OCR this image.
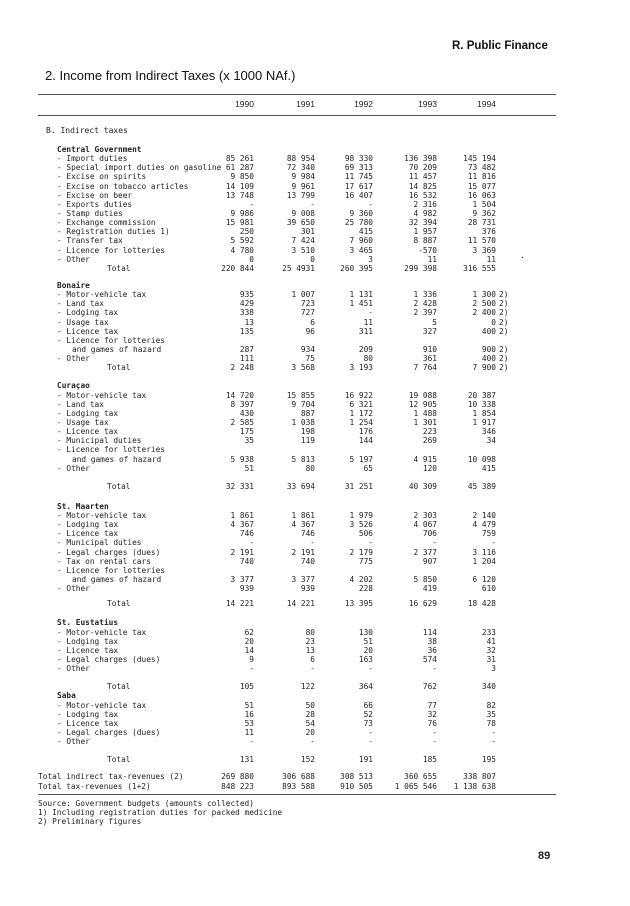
R. Public Finance
2. Income from Indirect Taxes (x 1000 NAf.)
1990	1991	1992	1993	1994
B. Indirect taxes
Central Government
- Import duties	85 261	88 954	98 330	136 398	145 194
- Special import duties on gasoline 61 287	72 340	69 313	70 209	73 482
- Excise on spirits	9 850	9 984	11 745	11 457	11 816
- Excise on tobacco articles	14 109	9 961	17 617	14 825	15 077
- Excise on beer	13 748	13 799	16 407	16 532	16 063
- Exports duties	-	-	-	2 316	1 504
- Stamp duties	9 986	9 008	9 360	4 982	9 362
- Exchange commission	15 981	39 650	25 780	32 394	28 731
- Registration duties 1)	250	301	415	1 957	376
- Transfer tax	5 592	7 424	7 960	8 887	11 570
- Licence for lotteries	4 780	3 510	3 465	-570	3 369
- Other	0	0	3	11	11
Total	220 844	25 4931	260 395	299 398	316 555
Bonaire
- Motor-vehicle tax	935	1 007	1 131	1 336	1 300 2)
- Land tax	429	723	1 451	2 428	2 500 2)
- Lodging tax	338	727	-	2 397	2 400 2)
- Usage tax	13	6	11	5	0 2)
- Licence tax	135	96	311	327	400 2)
- Licence for lotteries
and games of hazard	287	934	209	910	900 2)
- Other	111	75	80	361	400 2)
Total	2 248	3 568	3 193	7 764	7 900 2)
Curaçao
- Motor-vehicle tax	14 720	15 855	16 922	19 088	20 387
- Land tax	8 397	9 704	6 321	12 905	10 338
- Lodging tax	430	887	1 172	1 488	1 854
- Usage tax	2 585	1 038	1 254	1 301	1 917
- Licence tax	175	198	176	223	346
- Municipal duties	35	119	144	269	34
- Licence for lotteries
and games of hazard	5 938	5 813	5 197	4 915	10 098
- Other	51	80	65	120	415
Total	32 331	33 694	31 251	40 309	45 389
St. Maarten
- Motor-vehicle tax	1 861	1 861	1 979	2 303	2 140
- Lodging tax	4 367	4 367	3 526	4 067	4 479
- Licence tax	746	746	506	706	759
- Municipal duties	-	-	-	-	-
- Legal charges (dues)	2 191	2 191	2 179	2 377	3 116
- Tax on rental cars	740	740	775	907	1 204
- Licence for lotteries
and games of hazard	3 377	3 377	4 202	5 850	6 120
- Other	939	939	228	419	610
Total	14 221	14 221	13 395	16 629	18 428
St. Eustatius
- Motor-vehicle tax	62	80	130	114	233
- Lodging tax	20	23	51	38	41
- Licence tax	14	13	20	36	32
- Legal charges (dues)	9	6	163	574	31
- Other	-	-	-	-	3
Total	105	122	364	762	340
Saba
- Motor-vehicle tax	51	50	66	77	82
- Lodging tax	16	28	52	32	35
- Licence tax	53	54	73	76	78
- Legal charges (dues)	11	20	-	-	-
- Other	-	-	-	-	-
Total	131	152	191	185	195
Total indirect tax-revenues (2)	269 880	306 688	308 513	360 655	338 807
Total tax-revenues (1+2)	848 223	893 588	910 505	1 065 546	1 138 638
Source: Government budgets (amounts collected)
1) Including registration duties for packed medicine
2) Preliminary figures
.
89
